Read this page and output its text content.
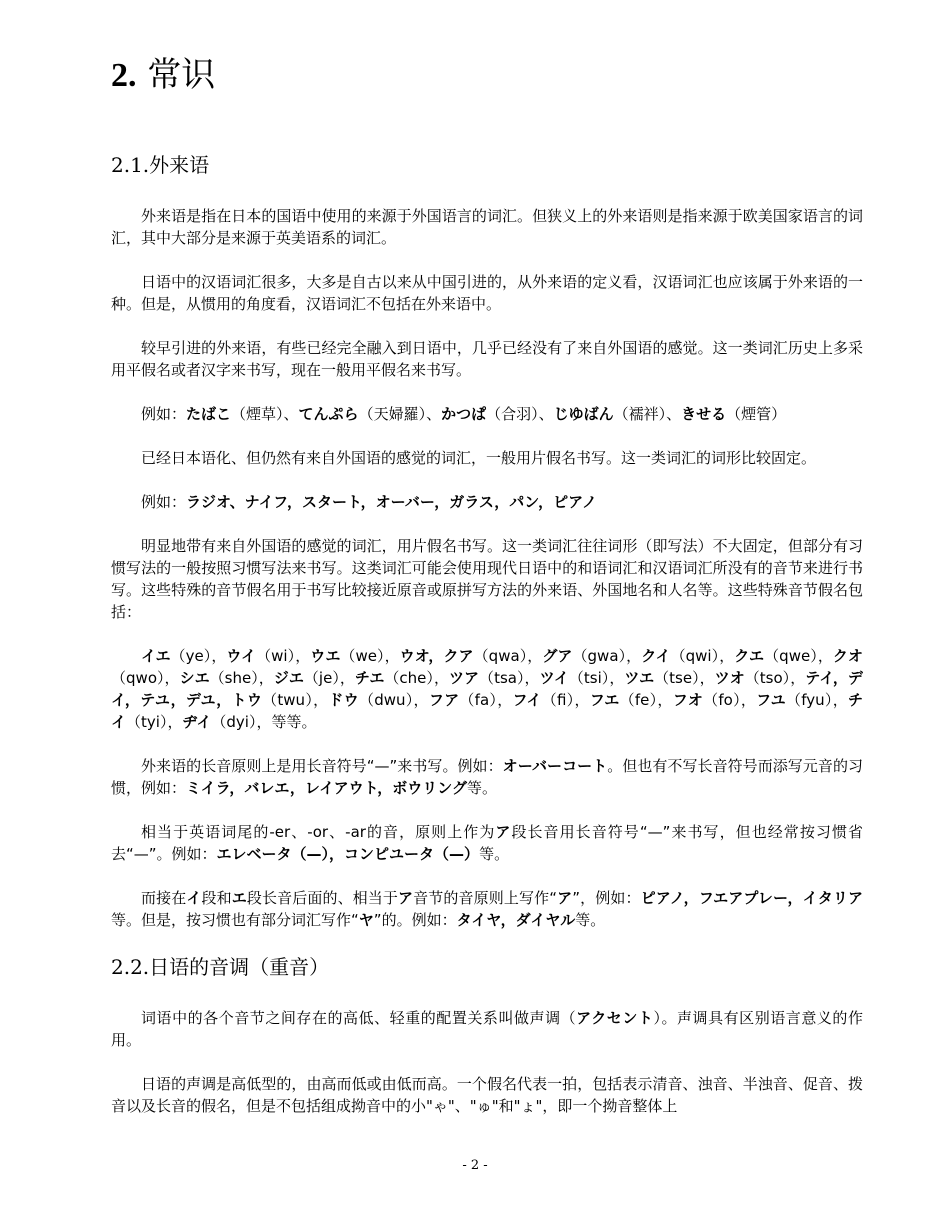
2. 常识
2.1.外来语

外来语是指在日本的国语中使用的来源于外国语言的词汇。但狭义上的外来语则是指来源于欧美国家语言的词汇，其中大部分是来源于英美语系的词汇。

日语中的汉语词汇很多，大多是自古以来从中国引进的，从外来语的定义看，汉语词汇也应该属于外来语的一种。但是，从惯用的角度看，汉语词汇不包括在外来语中。

较早引进的外来语，有些已经完全融入到日语中，几乎已经没有了来自外国语的感觉。这一类词汇历史上多采用平假名或者汉字来书写，现在一般用平假名来书写。

例如：たばこ（煙草）、てんぷら（天婦羅）、かつぱ（合羽）、じゆばん（襦袢）、きせる（煙管）

已经日本语化、但仍然有来自外国语的感觉的词汇，一般用片假名书写。这一类词汇的词形比较固定。

例如：ラジオ、ナイフ，スタート，オーバー，ガラス，パン，ピアノ

明显地带有来自外国语的感觉的词汇，用片假名书写。这一类词汇往往词形（即写法）不大固定，但部分有习惯写法的一般按照习惯写法来书写。这类词汇可能会使用现代日语中的和语词汇和汉语词汇所没有的音节来进行书写。这些特殊的音节假名用于书写比较接近原音或原拼写方法的外来语、外国地名和人名等。这些特殊音节假名包括：

イエ（ye），ウイ（wi），ウエ（we），ウオ，クア（qwa），グア（gwa），クイ（qwi），クエ（qwe），クオ（qwo），シエ（she），ジエ（je），チエ（che），ツア（tsa），ツイ（tsi），ツエ（tse），ツオ（tso），テイ，デイ，テユ，デユ，トウ（twu），ドウ（dwu），フア（fa），フイ（fi），フエ（fe），フオ（fo），フユ（fyu），チイ（tyi），ヂイ（dyi），等等。

外来语的长音原则上是用长音符号“—”来书写。例如：オーバーコート。但也有不写长音符号而添写元音的习惯，例如：ミイラ，バレエ，レイアウト，ボウリング等。

相当于英语词尾的-er、-or、-ar的音，原则上作为ア段长音用长音符号“—”来书写，但也经常按习惯省去“—”。例如：エレベータ（—），コンピユータ（—）等。

而接在イ段和エ段长音后面的、相当于ア音节的音原则上写作“ア”，例如：ピアノ，フエアプレー，イタリア等。但是，按习惯也有部分词汇写作“ヤ”的。例如：タイヤ，ダイヤル等。

2.2.日语的音调（重音）

词语中的各个音节之间存在的高低、轻重的配置关系叫做声调（アクセント）。声调具有区别语言意义的作用。

日语的声调是高低型的，由高而低或由低而高。一个假名代表一拍，包括表示清音、浊音、半浊音、促音、拨音以及长音的假名，但是不包括组成拗音中的小"ゃ"、"ゅ"和"ょ"，即一个拗音整体上

- 2 -
